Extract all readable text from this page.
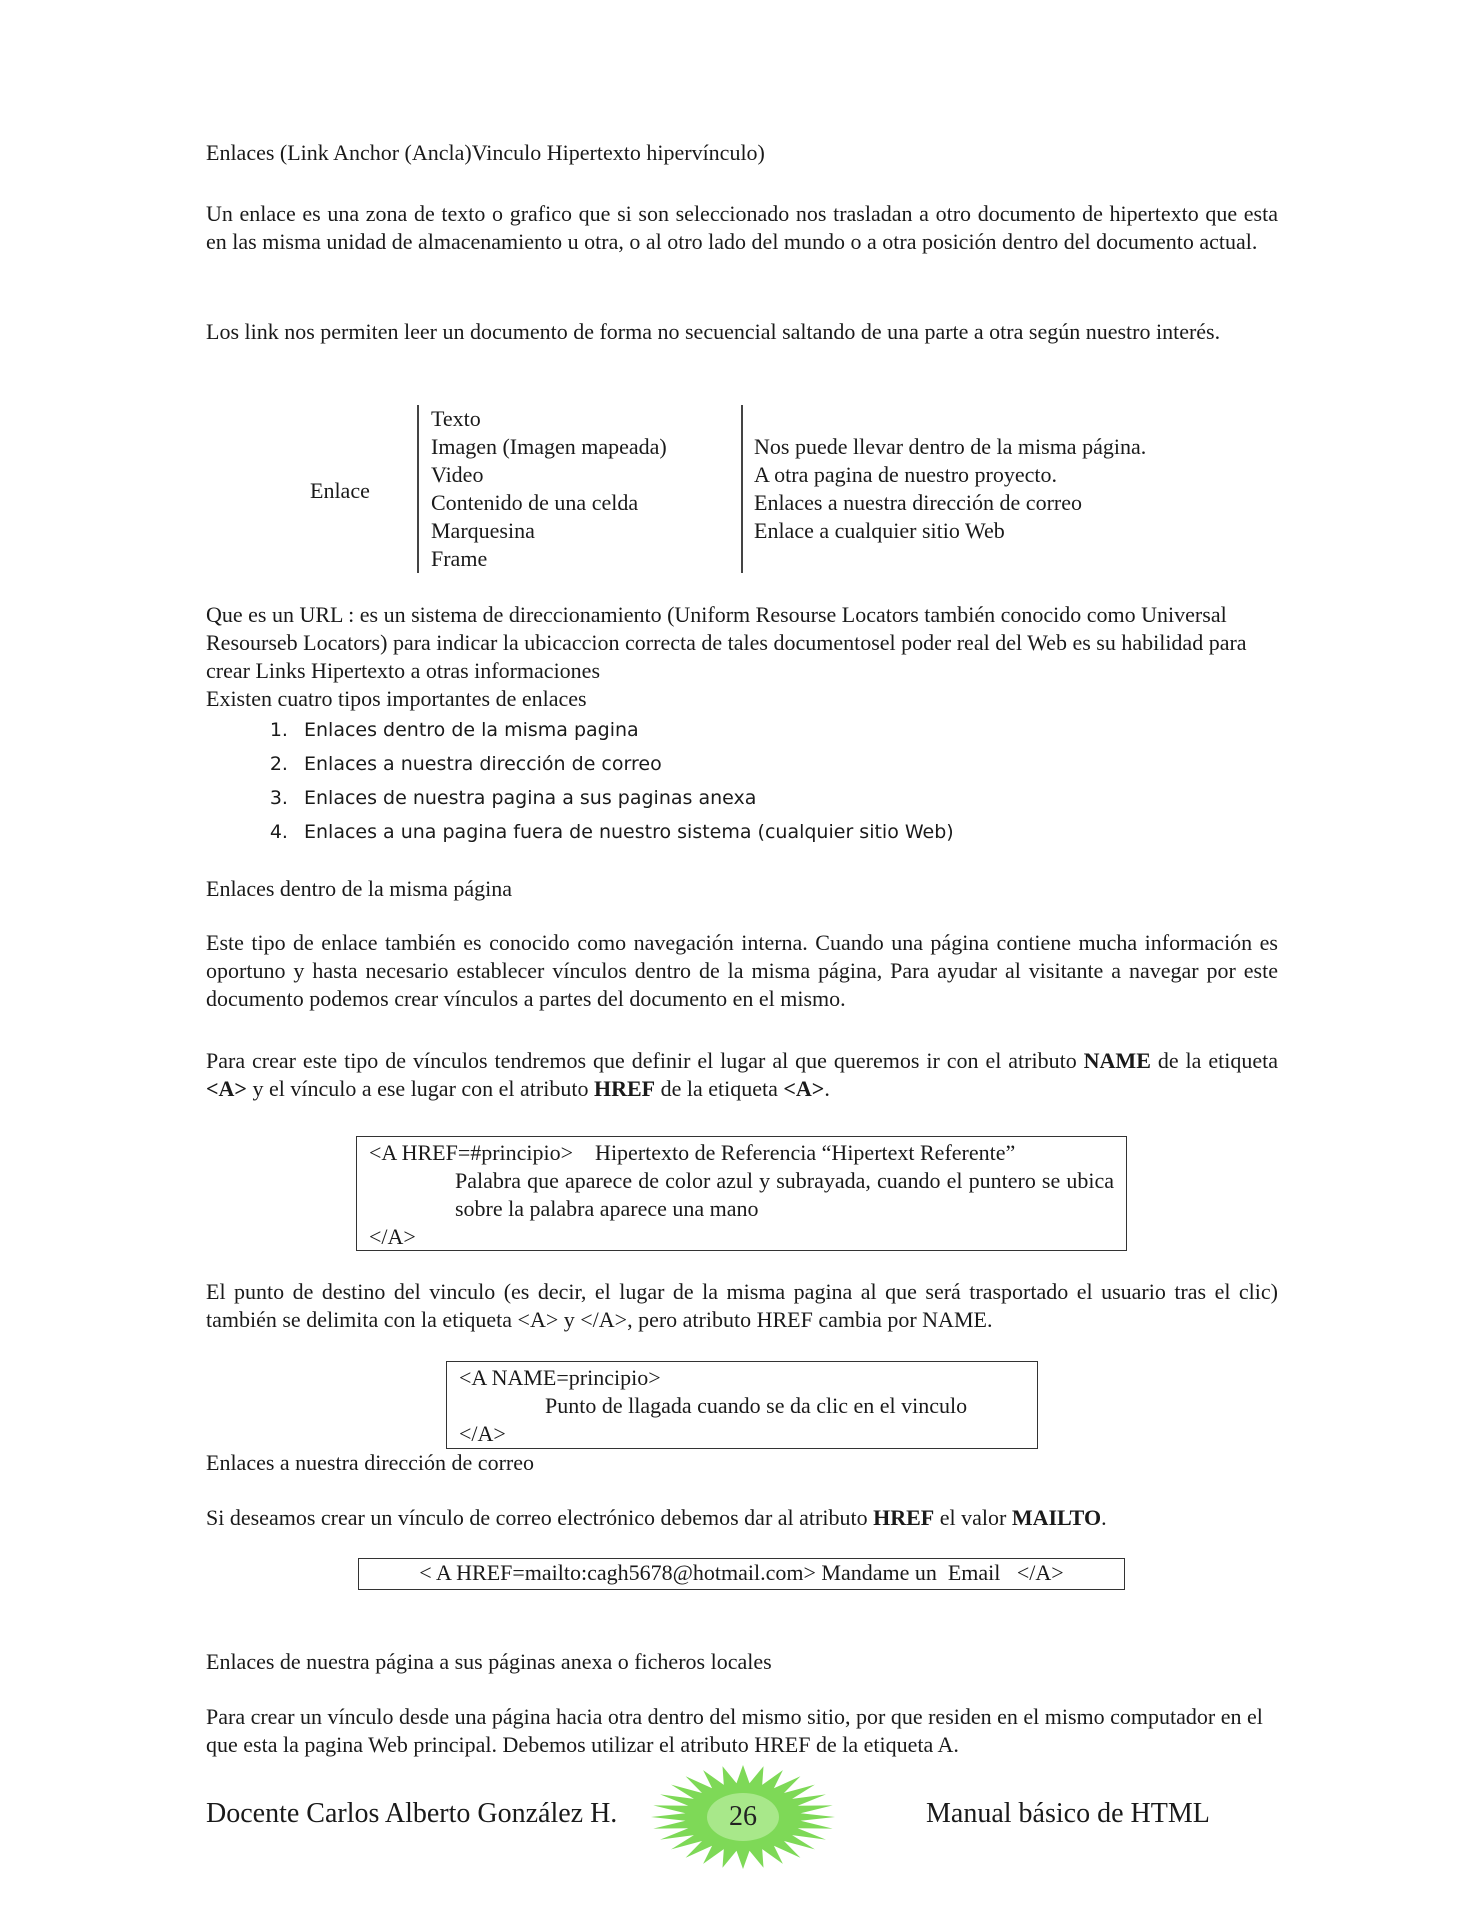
Enlaces (Link Anchor (Ancla)Vinculo Hipertexto hipervínculo)
Un enlace es una zona de texto o grafico que si son seleccionado nos trasladan a otro documento de hipertexto que esta en las misma unidad de almacenamiento u otra, o al otro lado del mundo o a otra posición dentro del documento actual.
Los link nos permiten leer un documento de forma no secuencial saltando de una parte a otra según nuestro interés.
Enlace
Texto
Imagen (Imagen mapeada)
Video
Contenido de una celda
Marquesina
Frame
Nos puede llevar dentro de la misma página.
A otra pagina de nuestro proyecto.
Enlaces a nuestra dirección de correo
Enlace a cualquier sitio Web
Que es un URL : es un sistema de direccionamiento (Uniform Resourse Locators también conocido como Universal Resourseb Locators) para indicar la ubicaccion correcta de tales documentosel poder real del Web es su habilidad para crear Links Hipertexto a otras informaciones
Existen cuatro tipos importantes de enlaces
1. Enlaces dentro de la misma pagina
2. Enlaces a nuestra dirección de correo
3. Enlaces de nuestra pagina a sus paginas anexa
4. Enlaces a una pagina fuera de nuestro sistema (cualquier sitio Web)
Enlaces dentro de la misma página
Este tipo de enlace también es conocido como navegación interna. Cuando una página contiene mucha información es oportuno y hasta necesario establecer vínculos dentro de la misma página, Para ayudar al visitante a navegar por este documento podemos crear vínculos a partes del documento en el mismo.
Para crear este tipo de vínculos tendremos que definir el lugar al que queremos ir con el atributo NAME de la etiqueta <A> y el vínculo a ese lugar con el atributo HREF de la etiqueta <A>.
<A HREF=#principio>    Hipertexto de Referencia “Hipertext Referente”
Palabra que aparece de color azul y subrayada, cuando el puntero se ubica sobre la palabra aparece una mano
</A>
El punto de destino del vinculo (es decir, el lugar de la misma pagina al que será trasportado el usuario tras el clic) también se delimita con la etiqueta <A> y </A>, pero atributo HREF cambia por NAME.
<A NAME=principio>
Punto de llagada cuando se da clic en el vinculo
</A>
Enlaces a nuestra dirección de correo
Si deseamos crear un vínculo de correo electrónico debemos dar al atributo HREF el valor MAILTO.
< A HREF=mailto:cagh5678@hotmail.com> Mandame un  Email   </A>
Enlaces de nuestra página a sus páginas anexa o ficheros locales
Para crear un vínculo desde una página hacia otra dentro del mismo sitio, por que residen en el mismo computador en el que esta la pagina Web principal. Debemos utilizar el atributo HREF de la etiqueta A.
Docente Carlos Alberto González H.	26	Manual básico de HTML
